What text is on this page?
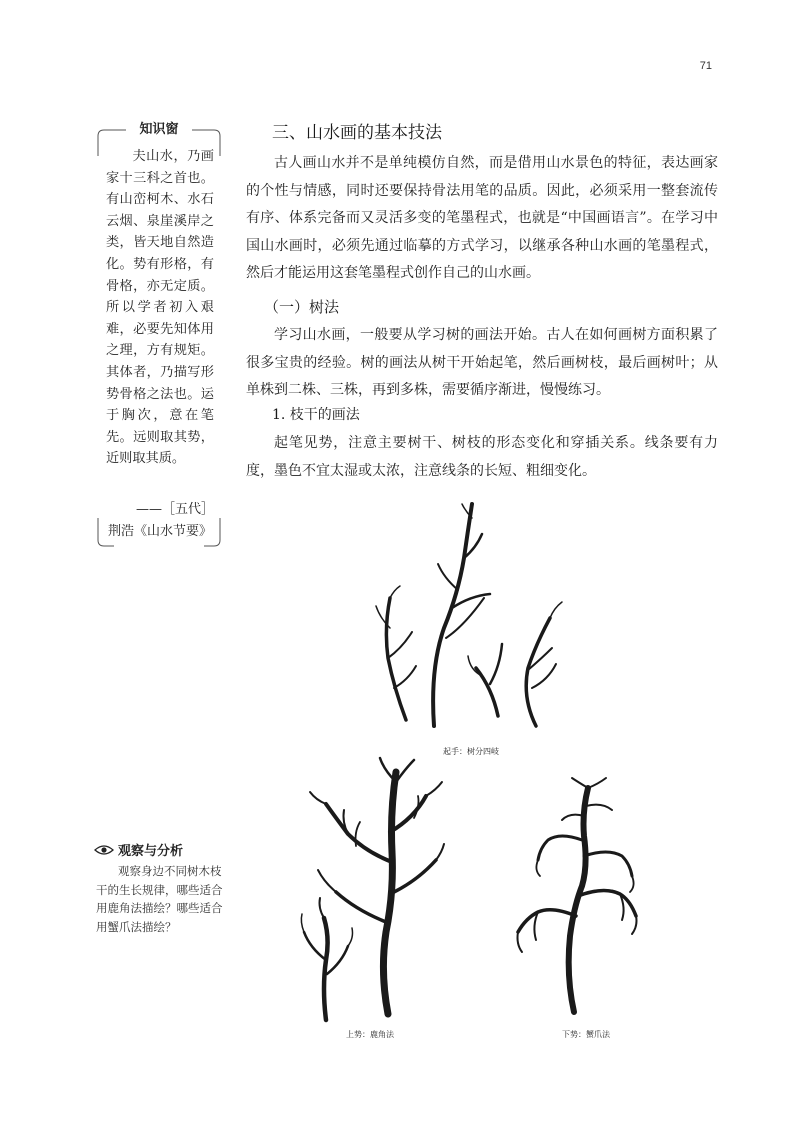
71
知识窗
夫山水，乃画家十三科之首也。有山峦柯木、水石云烟、泉崖溪岸之类，皆天地自然造化。势有形格，有骨格，亦无定质。所以学者初入艰难，必要先知体用之理，方有规矩。其体者，乃描写形势骨格之法也。运于胸次，意在笔先。远则取其势，近则取其质。
——［五代］
荆浩《山水节要》
三、山水画的基本技法
古人画山水并不是单纯模仿自然，而是借用山水景色的特征，表达画家的个性与情感，同时还要保持骨法用笔的品质。因此，必须采用一整套流传有序、体系完备而又灵活多变的笔墨程式，也就是“中国画语言”。在学习中国山水画时，必须先通过临摹的方式学习，以继承各种山水画的笔墨程式，然后才能运用这套笔墨程式创作自己的山水画。
（一）树法
学习山水画，一般要从学习树的画法开始。古人在如何画树方面积累了很多宝贵的经验。树的画法从树干开始起笔，然后画树枝，最后画树叶；从单株到二株、三株，再到多株，需要循序渐进，慢慢练习。
1. 枝干的画法
起笔见势，注意主要树干、树枝的形态变化和穿插关系。线条要有力度，墨色不宜太湿或太浓，注意线条的长短、粗细变化。
起手：树分四岐
观察与分析
观察身边不同树木枝干的生长规律，哪些适合用鹿角法描绘？哪些适合用蟹爪法描绘？
上势：鹿角法	下势：蟹爪法
